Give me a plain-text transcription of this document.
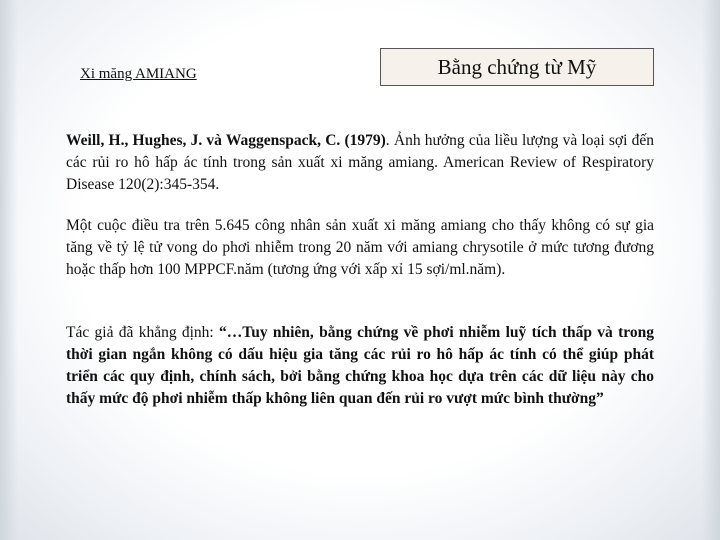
Xi măng AMIANG	Bằng chứng từ Mỹ
Weill, H., Hughes, J. và Waggenspack, C. (1979). Ảnh hưởng của liều lượng và loại sợi đến các rủi ro hô hấp ác tính trong sản xuất xi măng amiang. American Review of Respiratory Disease 120(2):345-354.
Một cuộc điều tra trên 5.645 công nhân sản xuất xi măng amiang cho thấy không có sự gia tăng về tỷ lệ tử vong do phơi nhiễm trong 20 năm với amiang chrysotile ở mức tương đương hoặc thấp hơn 100 MPPCF.năm (tương ứng với xấp xỉ 15 sợi/ml.năm).
Tác giả đã khẳng định: “…Tuy nhiên, bằng chứng về phơi nhiễm luỹ tích thấp và trong thời gian ngắn không có dấu hiệu gia tăng các rủi ro hô hấp ác tính có thể giúp phát triển các quy định, chính sách, bởi bằng chứng khoa học dựa trên các dữ liệu này cho thấy mức độ phơi nhiễm thấp không liên quan đến rủi ro vượt mức bình thường”
